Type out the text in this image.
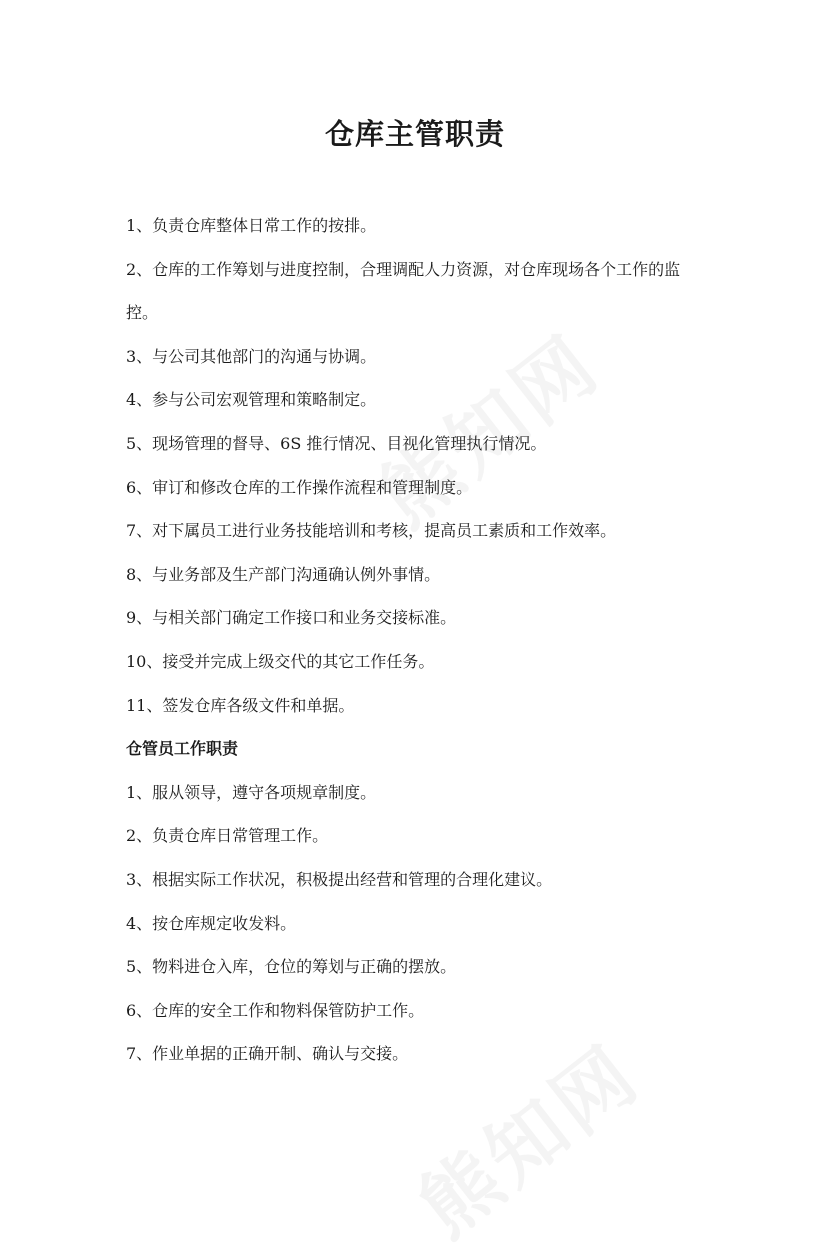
仓库主管职责

1、负责仓库整体日常工作的按排。

2、仓库的工作筹划与进度控制，合理调配人力资源，对仓库现场各个工作的监

控。

3、与公司其他部门的沟通与协调。

4、参与公司宏观管理和策略制定。

5、现场管理的督导、6S 推行情况、目视化管理执行情况。

6、审订和修改仓库的工作操作流程和管理制度。

7、对下属员工进行业务技能培训和考核，提高员工素质和工作效率。

8、与业务部及生产部门沟通确认例外事情。

9、与相关部门确定工作接口和业务交接标准。

10、接受并完成上级交代的其它工作任务。

11、签发仓库各级文件和单据。

仓管员工作职责

1、服从领导，遵守各项规章制度。

2、负责仓库日常管理工作。

3、根据实际工作状况，积极提出经营和管理的合理化建议。

4、按仓库规定收发料。

5、物料进仓入库，仓位的筹划与正确的摆放。

6、仓库的安全工作和物料保管防护工作。

7、作业单据的正确开制、确认与交接。
